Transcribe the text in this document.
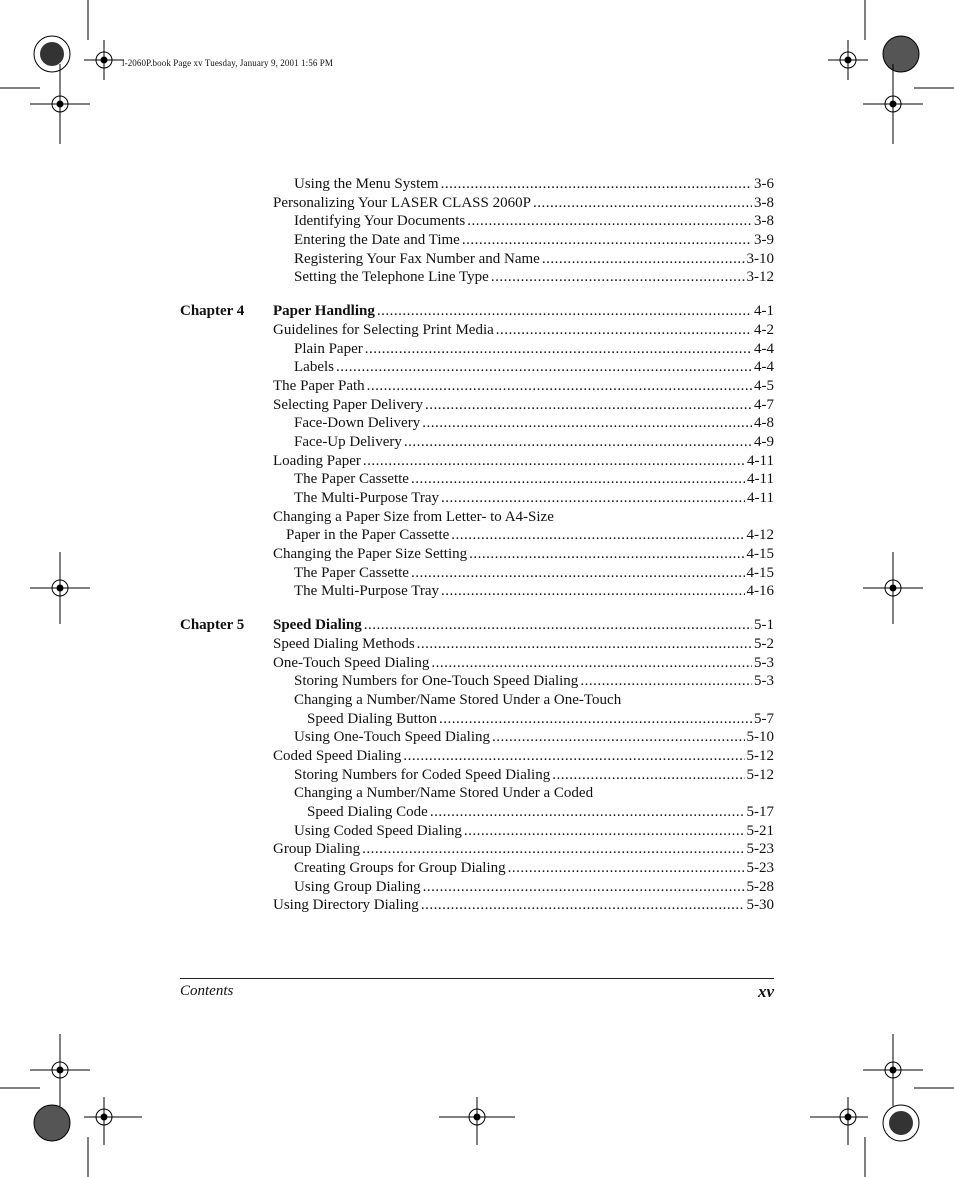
l-2060P.book Page xv Tuesday, January 9, 2001 1:56 PM
Using the Menu System .....	3-6
Personalizing Your LASER CLASS 2060P .....	3-8
Identifying Your Documents .....	3-8
Entering the Date and Time .....	3-9
Registering Your Fax Number and Name .....	3-10
Setting the Telephone Line Type .....	3-12
Chapter 4 Paper Handling .....	4-1
Guidelines for Selecting Print Media .....	4-2
Plain Paper .....	4-4
Labels .....	4-4
The Paper Path .....	4-5
Selecting Paper Delivery .....	4-7
Face-Down Delivery .....	4-8
Face-Up Delivery .....	4-9
Loading Paper .....	4-11
The Paper Cassette .....	4-11
The Multi-Purpose Tray .....	4-11
Changing a Paper Size from Letter- to A4-Size
Paper in the Paper Cassette .....	4-12
Changing the Paper Size Setting .....	4-15
The Paper Cassette .....	4-15
The Multi-Purpose Tray .....	4-16
Chapter 5 Speed Dialing .....	5-1
Speed Dialing Methods .....	5-2
One-Touch Speed Dialing .....	5-3
Storing Numbers for One-Touch Speed Dialing .....	5-3
Changing a Number/Name Stored Under a One-Touch
Speed Dialing Button .....	5-7
Using One-Touch Speed Dialing .....	5-10
Coded Speed Dialing .....	5-12
Storing Numbers for Coded Speed Dialing .....	5-12
Changing a Number/Name Stored Under a Coded
Speed Dialing Code .....	5-17
Using Coded Speed Dialing .....	5-21
Group Dialing .....	5-23
Creating Groups for Group Dialing .....	5-23
Using Group Dialing .....	5-28
Using Directory Dialing .....	5-30
Contents	xv
